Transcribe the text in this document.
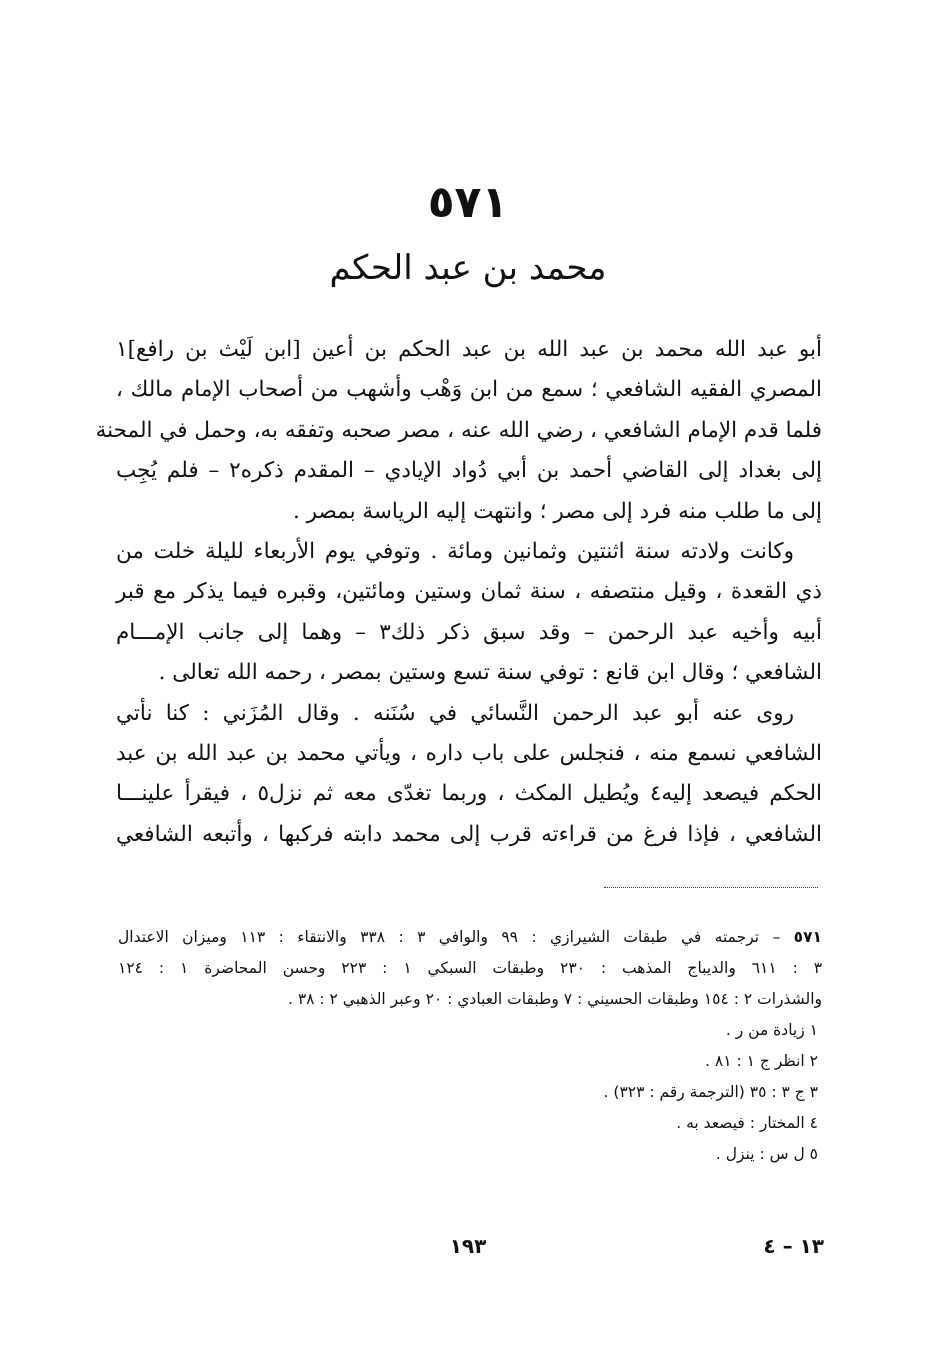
٥٧١
محمد بن عبد الحكم

أبو عبد الله محمد بن عبد الله بن عبد الحكم بن أعين [ابن لَيْث بن رافع]١
المصري الفقيه الشافعي ؛ سمع من ابن وَهْب وأشهب من أصحاب الإمام مالك ،
فلما قدم الإمام الشافعي ، رضي الله عنه ، مصر صحبه وتفقه به، وحمل في المحنة
إلى بغداد إلى القاضي أحمد بن أبي دُواد الإيادي – المقدم ذكره٢ – فلم يُجِب
إلى ما طلب منه فرد إلى مصر ؛ وانتهت إليه الرياسة بمصر .

وكانت ولادته سنة اثنتين وثمانين ومائة . وتوفي يوم الأربعاء لليلة خلت من
ذي القعدة ، وقيل منتصفه ، سنة ثمان وستين ومائتين، وقبره فيما يذكر مع قبر
أبيه وأخيه عبد الرحمن – وقد سبق ذكر ذلك٣ – وهما إلى جانب الإمـــام
الشافعي ؛ وقال ابن قانع : توفي سنة تسع وستين بمصر ، رحمه الله تعالى .

روى عنه أبو عبد الرحمن النَّسائي في سُنَنه . وقال المُزَني : كنا نأتي
الشافعي نسمع منه ، فنجلس على باب داره ، ويأتي محمد بن عبد الله بن عبد
الحكم فيصعد إليه٤ ويُطيل المكث ، وربما تغدّى معه ثم نزل٥ ، فيقرأ علينـــا
الشافعي ، فإذا فرغ من قراءته قرب إلى محمد دابته فركبها ، وأتبعه الشافعي

٥٧١ – ترجمته في طبقات الشيرازي : ٩٩ والوافي ٣ : ٣٣٨ والانتقاء : ١١٣ وميزان الاعتدال
٣ : ٦١١ والديباج المذهب : ٢٣٠ وطبقات السبكي ١ : ٢٢٣ وحسن المحاضرة ١ : ١٢٤
والشذرات ٢ : ١٥٤ وطبقات الحسيني : ٧ وطبقات العبادي : ٢٠ وعبر الذهبي ٢ : ٣٨ .
١ زيادة من ر .
٢ انظر ج ١ : ٨١ .
٣ ج ٣ : ٣٥ (الترجمة رقم : ٣٢٣) .
٤ المختار : فيصعد به .
٥ ل س : ينزل .
١٩٣	١٣ – ٤
